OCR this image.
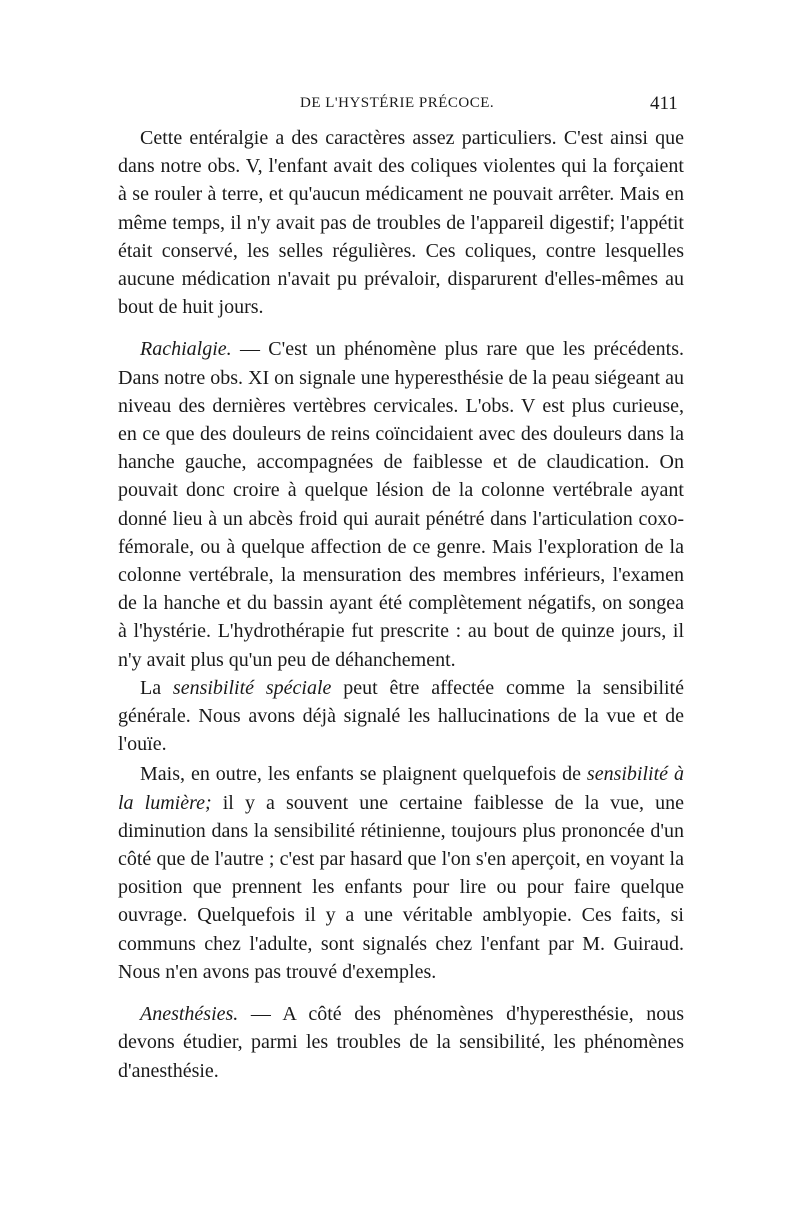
DE L'HYSTÉRIE PRÉCOCE.	411

Cette entéralgie a des caractères assez particuliers. C'est ainsi que dans notre obs. V, l'enfant avait des coliques violentes qui la forçaient à se rouler à terre, et qu'aucun médicament ne pouvait arrêter. Mais en même temps, il n'y avait pas de troubles de l'appareil digestif; l'appétit était conservé, les selles régulières. Ces coliques, contre lesquelles aucune médication n'avait pu prévaloir, disparurent d'elles-mêmes au bout de huit jours.

Rachialgie. — C'est un phénomène plus rare que les précédents. Dans notre obs. XI on signale une hyperesthésie de la peau siégeant au niveau des dernières vertèbres cervicales. L'obs. V est plus curieuse, en ce que des douleurs de reins coïncidaient avec des douleurs dans la hanche gauche, accompagnées de faiblesse et de claudication. On pouvait donc croire à quelque lésion de la colonne vertébrale ayant donné lieu à un abcès froid qui aurait pénétré dans l'articulation coxo-fémorale, ou à quelque affection de ce genre. Mais l'exploration de la colonne vertébrale, la mensuration des membres inférieurs, l'examen de la hanche et du bassin ayant été complètement négatifs, on songea à l'hystérie. L'hydrothérapie fut prescrite : au bout de quinze jours, il n'y avait plus qu'un peu de déhanchement.

La sensibilité spéciale peut être affectée comme la sensibilité générale. Nous avons déjà signalé les hallucinations de la vue et de l'ouïe.

Mais, en outre, les enfants se plaignent quelquefois de sensibilité à la lumière; il y a souvent une certaine faiblesse de la vue, une diminution dans la sensibilité rétinienne, toujours plus prononcée d'un côté que de l'autre ; c'est par hasard que l'on s'en aperçoit, en voyant la position que prennent les enfants pour lire ou pour faire quelque ouvrage. Quelquefois il y a une véritable amblyopie. Ces faits, si communs chez l'adulte, sont signalés chez l'enfant par M. Guiraud. Nous n'en avons pas trouvé d'exemples.

Anesthésies. — A côté des phénomènes d'hyperesthésie, nous devons étudier, parmi les troubles de la sensibilité, les phénomènes d'anesthésie.
